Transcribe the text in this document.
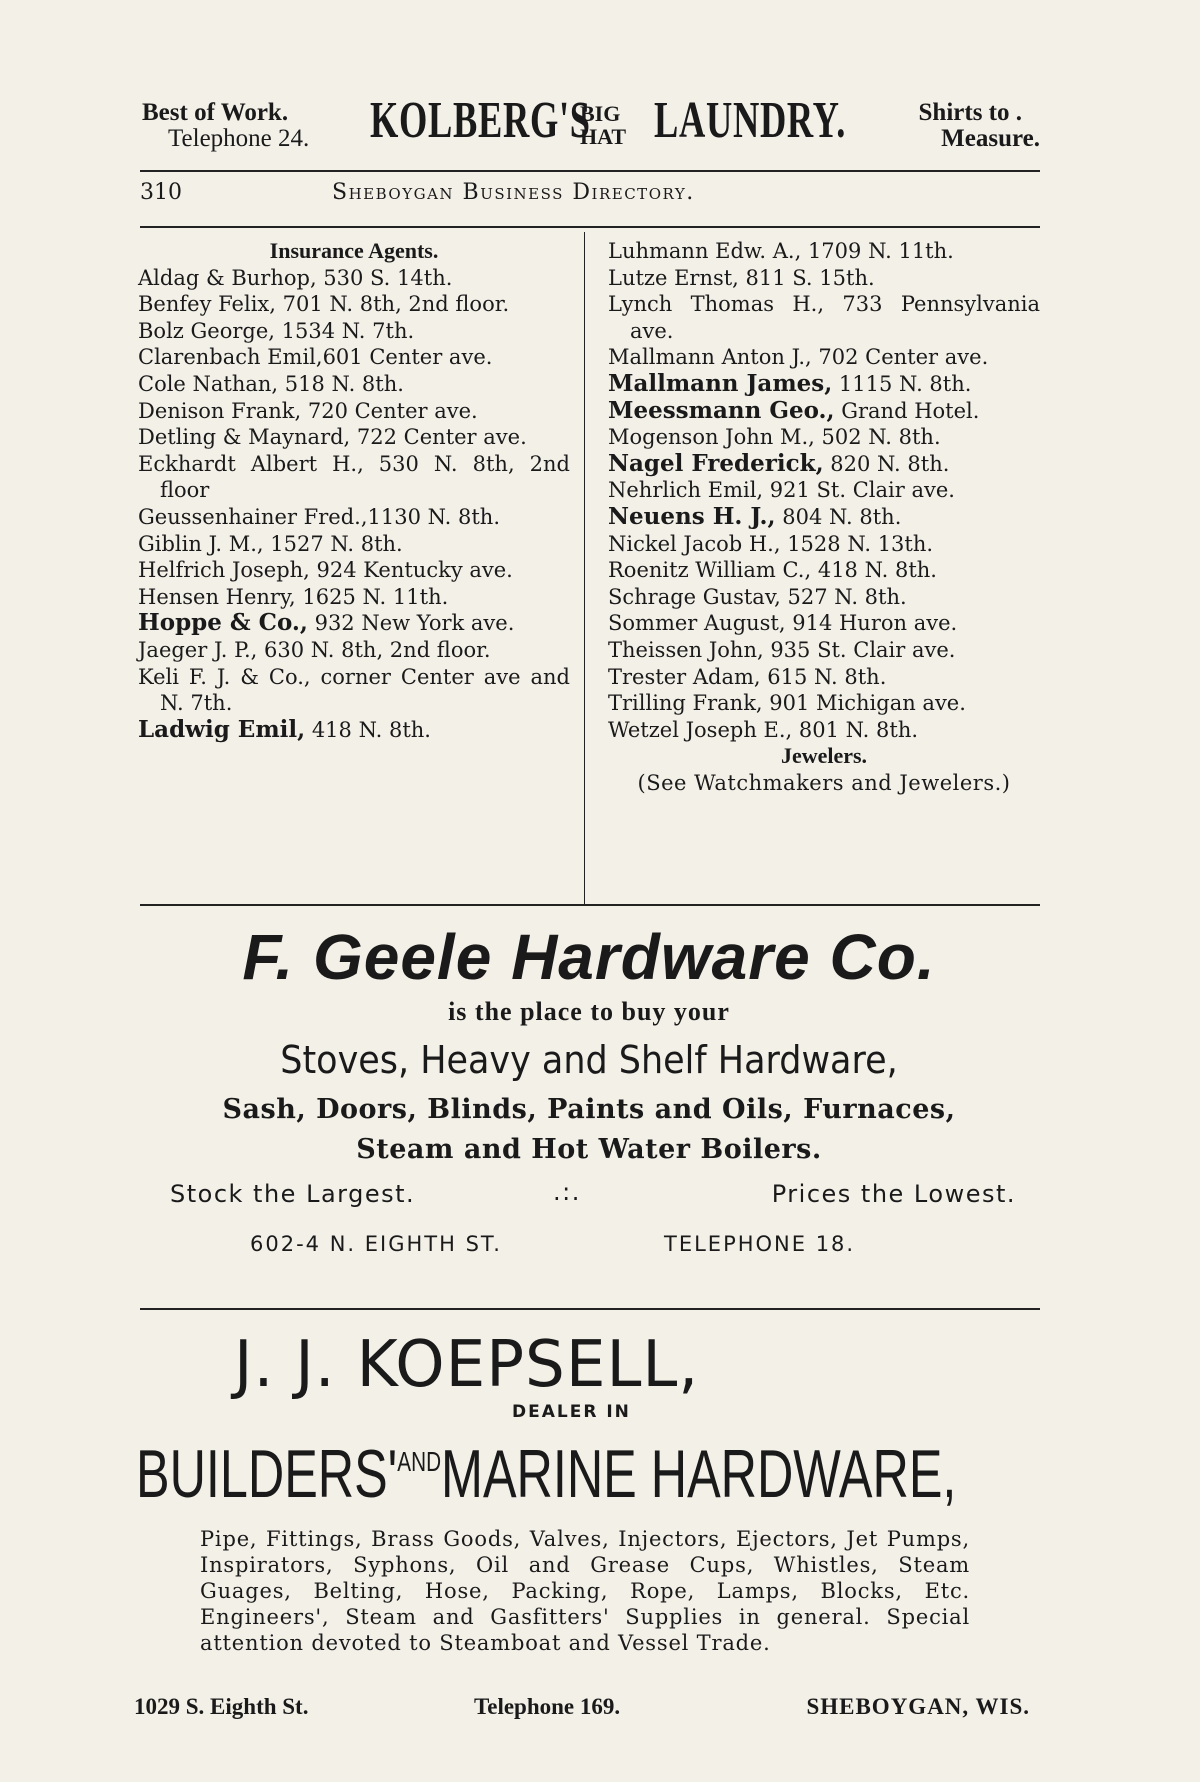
Best of Work.
Telephone 24. KOLBERG'S
BIG
HAT LAUNDRY.	Shirts to .
Measure.
310	Sheboygan Business Directory.
Insurance Agents.
Aldag & Burhop, 530 S. 14th.
Benfey Felix, 701 N. 8th, 2nd floor.
Bolz George, 1534 N. 7th.
Clarenbach Emil,601 Center ave.
Cole Nathan, 518 N. 8th.
Denison Frank, 720 Center ave.
Detling & Maynard, 722 Center ave.
Eckhardt Albert H., 530 N. 8th, 2nd floor
Geussenhainer Fred.,1130 N. 8th.
Giblin J. M., 1527 N. 8th.
Helfrich Joseph, 924 Kentucky ave.
Hensen Henry, 1625 N. 11th.
Hoppe & Co., 932 New York ave.
Jaeger J. P., 630 N. 8th, 2nd floor.
Keli F. J. & Co., corner Center ave and N. 7th.
Ladwig Emil, 418 N. 8th.
Luhmann Edw. A., 1709 N. 11th.
Lutze Ernst, 811 S. 15th.
Lynch Thomas H., 733 Pennsylvania ave.
Mallmann Anton J., 702 Center ave.
Mallmann James, 1115 N. 8th.
Meessmann Geo., Grand Hotel.
Mogenson John M., 502 N. 8th.
Nagel Frederick, 820 N. 8th.
Nehrlich Emil, 921 St. Clair ave.
Neuens H. J., 804 N. 8th.
Nickel Jacob H., 1528 N. 13th.
Roenitz William C., 418 N. 8th.
Schrage Gustav, 527 N. 8th.
Sommer August, 914 Huron ave.
Theissen John, 935 St. Clair ave.
Trester Adam, 615 N. 8th.
Trilling Frank, 901 Michigan ave.
Wetzel Joseph E., 801 N. 8th.
Jewelers.
(See Watchmakers and Jewelers.)
F. Geele Hardware Co.
is the place to buy your
Stoves, Heavy and Shelf Hardware,
Sash, Doors, Blinds, Paints and Oils, Furnaces,
Steam and Hot Water Boilers.
Stock the Largest.	.:.	Prices the Lowest.
602-4 N. EIGHTH ST.	TELEPHONE 18.
J. J. KOEPSELL,
DEALER IN
$BUILDERS'^{AND}MARINE$ HARDWARE,
Pipe, Fittings, Brass Goods, Valves, Injectors, Ejectors, Jet Pumps, Inspirators, Syphons, Oil and Grease Cups, Whistles, Steam Guages, Belting, Hose, Packing, Rope, Lamps, Blocks, Etc. Engineers', Steam and Gasfitters' Supplies in general. Special attention devoted to Steamboat and Vessel Trade.
1029 S. Eighth St.	Telephone 169.	SHEBOYGAN, WIS.
